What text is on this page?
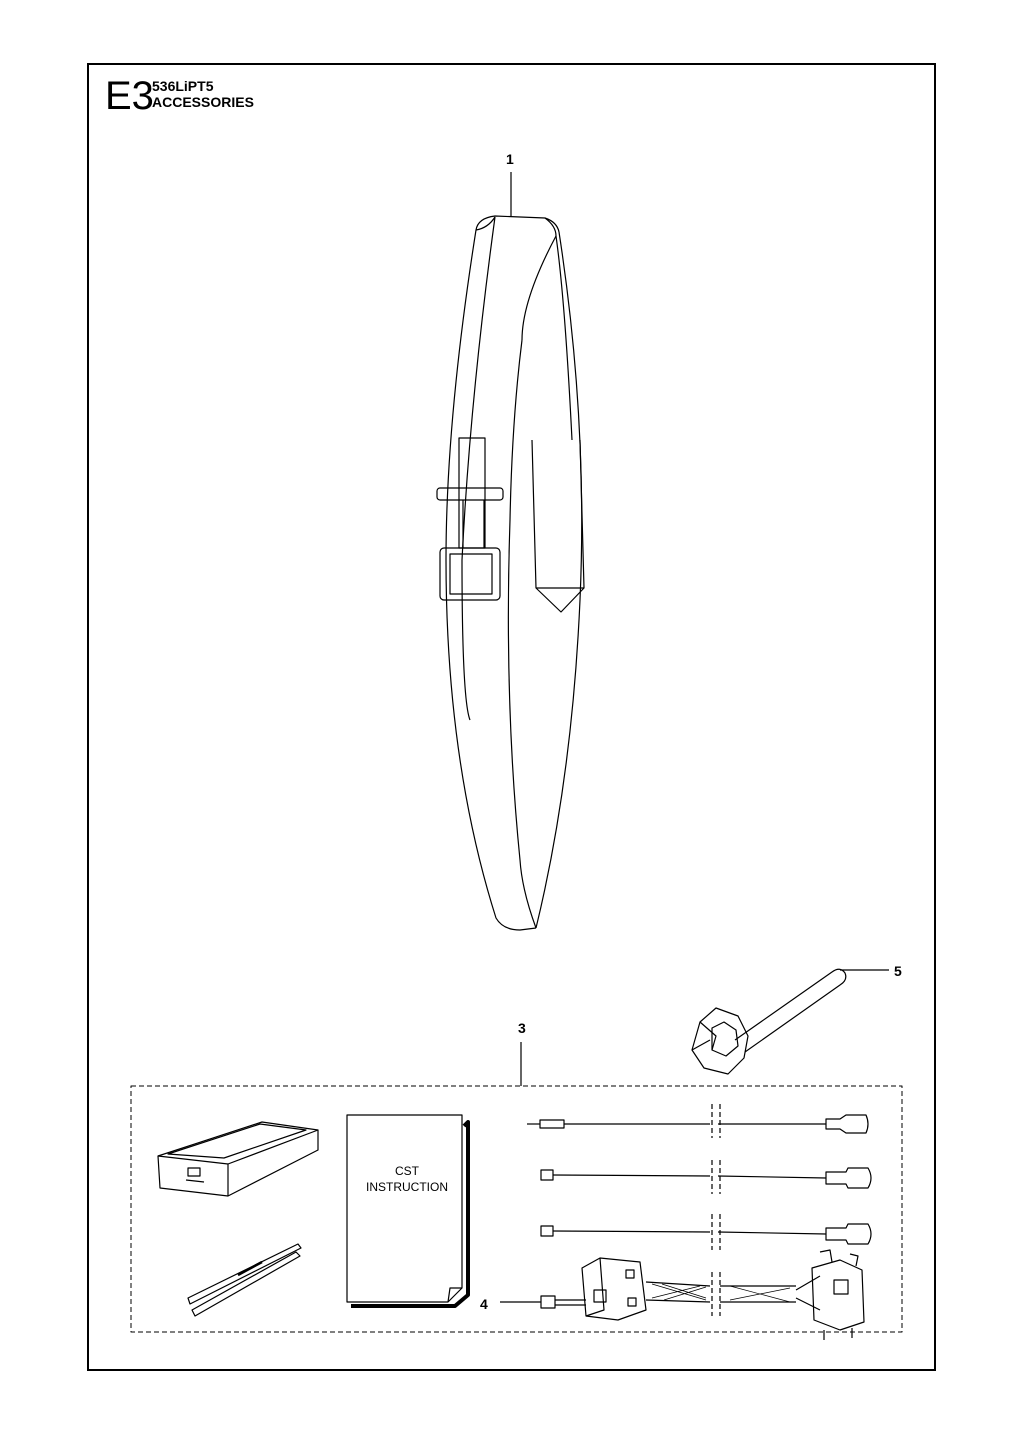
E3
536LiPT5
ACCESSORIES
1
3
4
5
CST
INSTRUCTION
